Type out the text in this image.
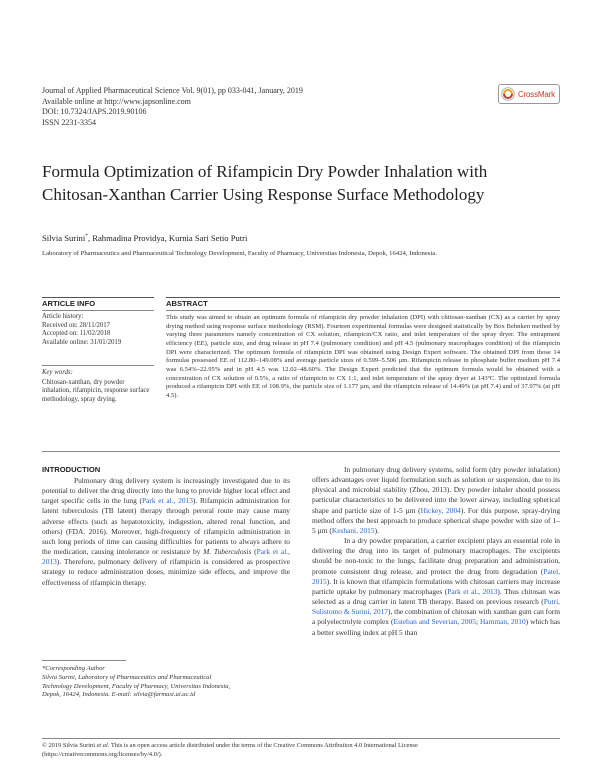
Journal of Applied Pharmaceutical Science Vol. 9(01), pp 033-041, January, 2019
Available online at http://www.japsonline.com
DOI: 10.7324/JAPS.2019.90106
ISSN 2231-3354
CrossMark
Formula Optimization of Rifampicin Dry Powder Inhalation with
Chitosan-Xanthan Carrier Using Response Surface Methodology
Silvia Surini*, Rahmadina Providya, Kurnia Sari Setio Putri
Laboratory of Pharmaceutics and Pharmaceutical Technology Development, Faculty of Pharmacy, Universitas Indonesia, Depok, 16424, Indonesia.
ARTICLE INFO
Article history:
Received on: 28/11/2017
Accepted on: 11/02/2018
Available online: 31/01/2019
Key words:
Chitosan-xanthan, dry powder inhalation, rifampicin, response surface methodology, spray drying.
ABSTRACT
This study was aimed to obtain an optimum formula of rifampicin dry powder inhalation (DPI) with chitosan-xanthan (CX) as a carrier by spray drying method using response surface methodology (RSM). Fourteen experimental formulas were designed statistically by Box Behnken method by varying three parameters namely concentration of CX solution, rifampicin/CX ratio, and inlet temperature of the spray dryer. The entrapment efficiency (EE), particle size, and drug release in pH 7.4 (pulmonary condition) and pH 4.5 (pulmonary macrophages condition) of the rifampicin DPI were characterized. The optimum formula of rifampicin DPI was obtained using Design Expert software. The obtained DPI from those 14 formulas possessed EE of 112.80–149.08% and average particle sizes of 0.599–5.506 µm. Rifampicin release in phosphate buffer medium pH 7.4 was 6.54%–22.95% and in pH 4.5 was 12.02–48.60%. The Design Expert predicted that the optimum formula would be obtained with a concentration of CX solution of 0.5%, a ratio of rifampicin to CX 1:1, and inlet temperature of the spray dryer at 143ºC. The optimized formula produced a rifampicin DPI with EE of 108.9%, the particle size of 1.177 µm, and the rifampicin release of 14.49% (at pH 7.4) and of 37.97% (at pH 4.5).
INTRODUCTION

Pulmonary drug delivery system is increasingly investigated due to its potential to deliver the drug directly into the lung to provide higher local effect and target specific cells in the lung (Park et al., 2013). Rifampicin administration for latent tuberculosis (TB latent) therapy through peroral route may cause many adverse effects (such as hepatotoxicity, indigestion, altered renal function, and others) (FDA. 2016). Moreover, high-frequency of rifampicin administration in such long periods of time can causing difficulties for patients to always adhere to the medication, causing intolerance or resistance by M. Tuberculosis (Park et al., 2013). Therefore, pulmonary delivery of rifampicin is considered as prospective strategy to reduce administration doses, minimize side effects, and improve the effectiveness of rifampicin therapy.

In pulmonary drug delivery systems, solid form (dry powder inhalation) offers advantages over liquid formulation such as solution or suspension, due to its physical and microbial stability (Zhou, 2013). Dry powder inhaler should possess particular characteristics to be delivered into the lower airway, including spherical shape and particle size of 1-5 µm (Hickey, 2004). For this purpose, spray-drying method offers the best approach to produce spherical shape powder with size of 1–5 µm (Keshani, 2015).

In a dry powder preparation, a carrier excipient plays an essential role in delivering the drug into its target of pulmonary macrophages. The excipients should be non-toxic to the lungs, facilitate drug preparation and administration, promote consistent drug release, and protect the drug from degradation (Patel, 2015). It is known that rifampicin formulations with chitosan carriers may increase particle uptake by pulmonary macrophages (Park et al., 2013). Thus chitosan was selected as a drug carrier in latent TB therapy. Based on previous research (Putri, Sulistomo & Surini, 2017), the combination of chitosan with xanthan gum can form a polyelectrolyte complex (Esteban and Severian, 2005; Hamman, 2010) which has a better swelling index at pH 5 than

*Corresponding Author
Silvia Surini, Laboratory of Pharmaceutics and Pharmaceutical
Technology Development, Faculty of Pharmacy, Universitas Indonesia,
Depok, 16424, Indonesia. E-mail: silvia@farmasi.ui.ac.id
© 2019 Silvia Surini et al. This is an open access article distributed under the terms of the Creative Commons Attribution 4.0 International License
(https://creativecommons.org/licenses/by/4.0/).
